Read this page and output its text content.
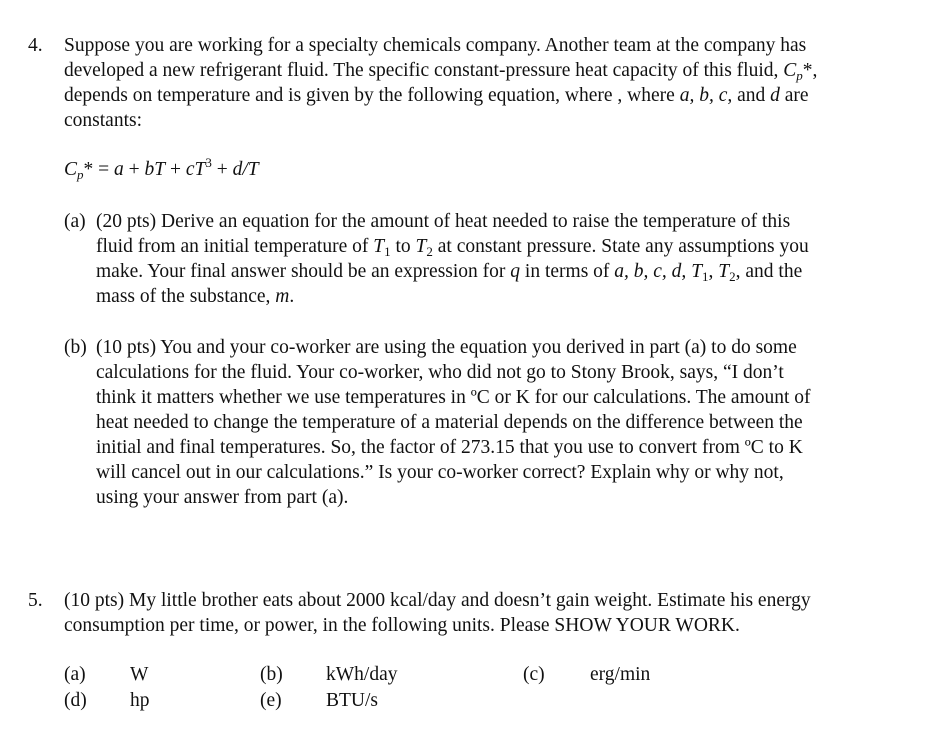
4. Suppose you are working for a specialty chemicals company. Another team at the company has
developed a new refrigerant fluid. The specific constant-pressure heat capacity of this fluid, $C_p*$,
depends on temperature and is given by the following equation, where , where a, b, c, and d are
constants:
$C_p* = a$ + bT + $cT^3 + d/T$
(a) (20 pts) Derive an equation for the amount of heat needed to raise the temperature of this
fluid from an initial temperature of $T_1$ to $T_2$ at constant pressure. State any assumptions you
make. Your final answer should be an expression for q in terms of a, b, c, d, $T_1$, $T_2$, and the
mass of the substance, m.
(b) (10 pts) You and your co-worker are using the equation you derived in part (a) to do some
calculations for the fluid. Your co-worker, who did not go to Stony Brook, says, “I don’t
think it matters whether we use temperatures in ºC or K for our calculations. The amount of
heat needed to change the temperature of a material depends on the difference between the
initial and final temperatures. So, the factor of 273.15 that you use to convert from ºC to K
will cancel out in our calculations.” Is your co-worker correct? Explain why or why not,
using your answer from part (a).
5. (10 pts) My little brother eats about 2000 kcal/day and doesn’t gain weight. Estimate his energy
consumption per time, or power, in the following units. Please SHOW YOUR WORK.
(a) W	(b) kWh/day	(c) erg/min
(d) hp	(e) BTU/s
